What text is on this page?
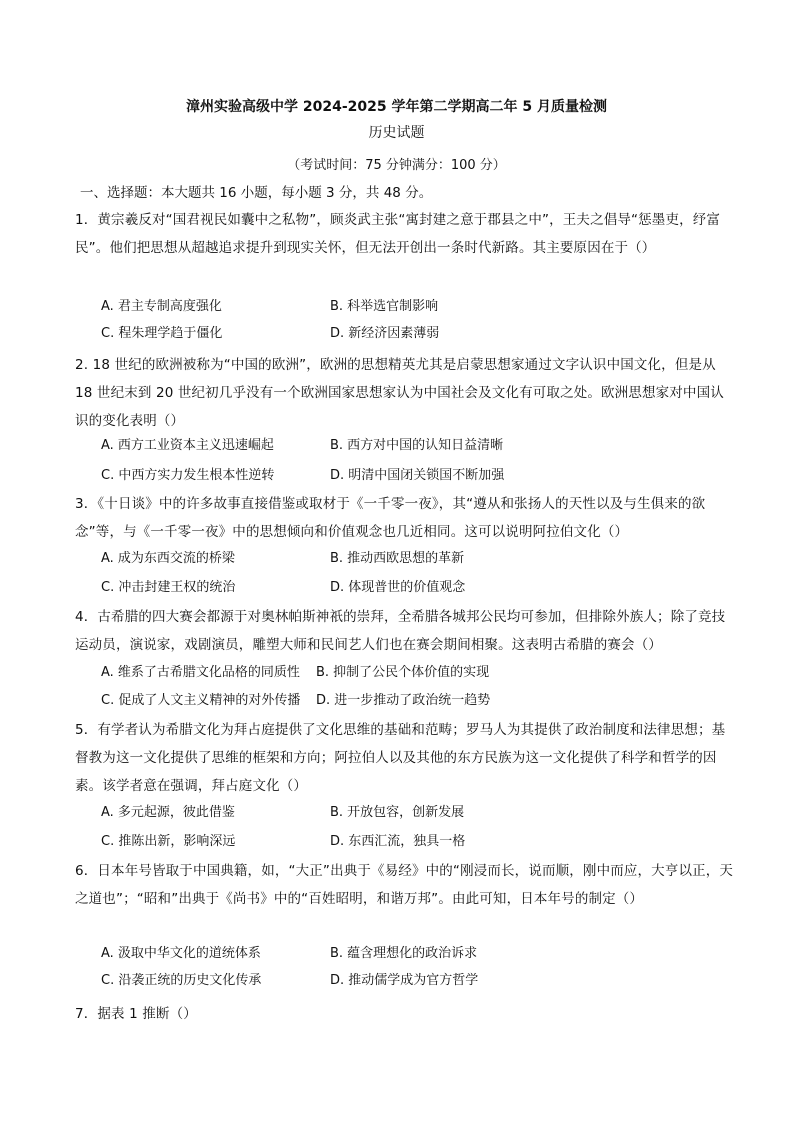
漳州实验高级中学 2024-2025 学年第二学期高二年 5 月质量检测
历史试题
（考试时间：75 分钟满分：100 分）
一、选择题：本大题共 16 小题，每小题 3 分，共 48 分。
1．黄宗羲反对“国君视民如囊中之私物”，顾炎武主张“寓封建之意于郡县之中”，王夫之倡导“惩墨吏，纾富民”。他们把思想从超越追求提升到现实关怀，但无法开创出一条时代新路。其主要原因在于（）
A. 君主专制高度强化	B. 科举选官制影响
C. 程朱理学趋于僵化	D. 新经济因素薄弱
2. 18 世纪的欧洲被称为“中国的欧洲”，欧洲的思想精英尤其是启蒙思想家通过文字认识中国文化，但是从 18 世纪末到 20 世纪初几乎没有一个欧洲国家思想家认为中国社会及文化有可取之处。欧洲思想家对中国认识的变化表明（）
A. 西方工业资本主义迅速崛起	B. 西方对中国的认知日益清晰
C. 中西方实力发生根本性逆转	D. 明清中国闭关锁国不断加强
3．《十日谈》中的许多故事直接借鉴或取材于《一千零一夜》，其“遵从和张扬人的天性以及与生俱来的欲念”等，与《一千零一夜》中的思想倾向和价值观念也几近相同。这可以说明阿拉伯文化（）
A. 成为东西交流的桥梁	B. 推动西欧思想的革新
C. 冲击封建王权的统治	D. 体现普世的价值观念
4．古希腊的四大赛会都源于对奥林帕斯神祇的崇拜，全希腊各城邦公民均可参加，但排除外族人；除了竞技运动员，演说家，戏剧演员，雕塑大师和民间艺人们也在赛会期间相聚。这表明古希腊的赛会（）
A. 维系了古希腊文化品格的同质性 B. 抑制了公民个体价值的实现
C. 促成了人文主义精神的对外传播 D. 进一步推动了政治统一趋势
5．有学者认为希腊文化为拜占庭提供了文化思维的基础和范畴；罗马人为其提供了政治制度和法律思想；基督教为这一文化提供了思维的框架和方向；阿拉伯人以及其他的东方民族为这一文化提供了科学和哲学的因素。该学者意在强调，拜占庭文化（）
A. 多元起源，彼此借鉴	B. 开放包容，创新发展
C. 推陈出新，影响深远	D. 东西汇流，独具一格
6．日本年号皆取于中国典籍，如，“大正”出典于《易经》中的“刚浸而长，说而顺，刚中而应，大亨以正，天之道也”；“昭和”出典于《尚书》中的“百姓昭明，和谐万邦”。由此可知，日本年号的制定（）
A. 汲取中华文化的道统体系	B. 蕴含理想化的政治诉求
C. 沿袭正统的历史文化传承	D. 推动儒学成为官方哲学
7．据表 1 推断（）
